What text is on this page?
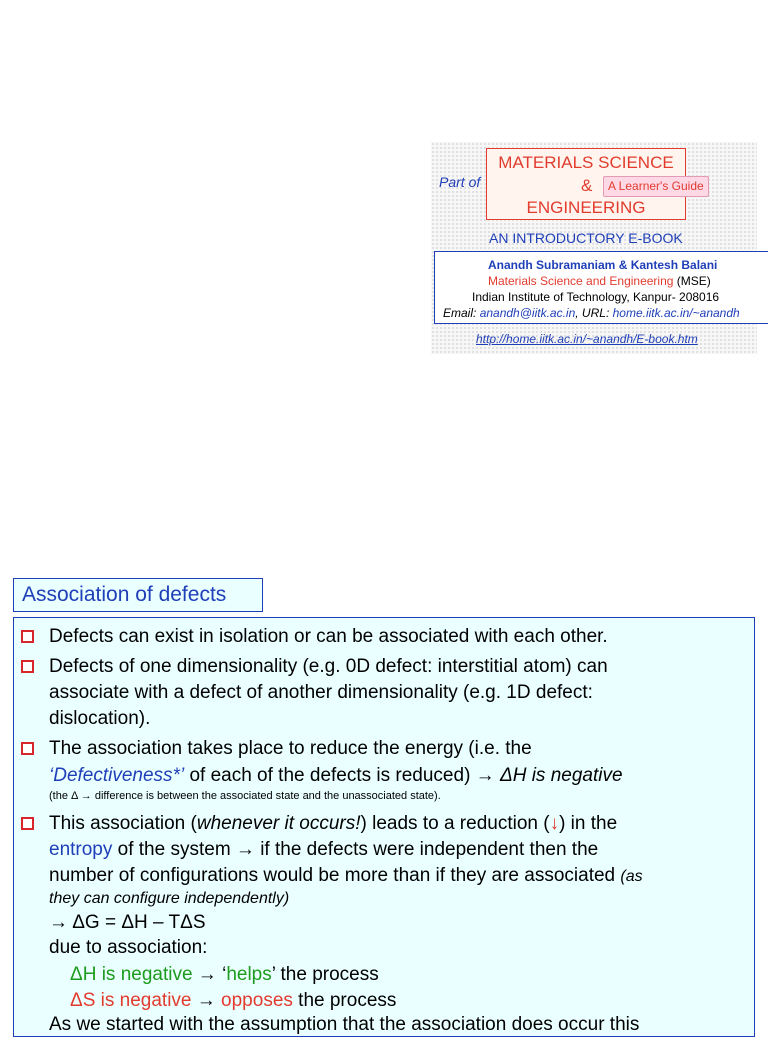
Part of
MATERIALS SCIENCE
&
ENGINEERING
A Learner's Guide
AN INTRODUCTORY E-BOOK
Anandh Subramaniam & Kantesh Balani
Materials Science and Engineering (MSE)
Indian Institute of Technology, Kanpur- 208016
Email: anandh@iitk.ac.in, URL: home.iitk.ac.in/~anandh
http://home.iitk.ac.in/~anandh/E-book.htm
Association of defects
Defects can exist in isolation or can be associated with each other.
Defects of one dimensionality (e.g. 0D defect: interstitial atom) can
associate with a defect of another dimensionality (e.g. 1D defect:
dislocation).
The association takes place to reduce the energy (i.e. the
‘Defectiveness*’ of each of the defects is reduced) → ΔH is negative
(the Δ → difference is between the associated state and the unassociated state).
This association (whenever it occurs!) leads to a reduction (↓) in the
entropy of the system → if the defects were independent then the
number of configurations would be more than if they are associated (as
they can configure independently)
→ ΔG = ΔH – TΔS
due to association:
ΔH is negative → ‘helps’ the process
ΔS is negative → opposes the process
As we started with the assumption that the association does occur this
